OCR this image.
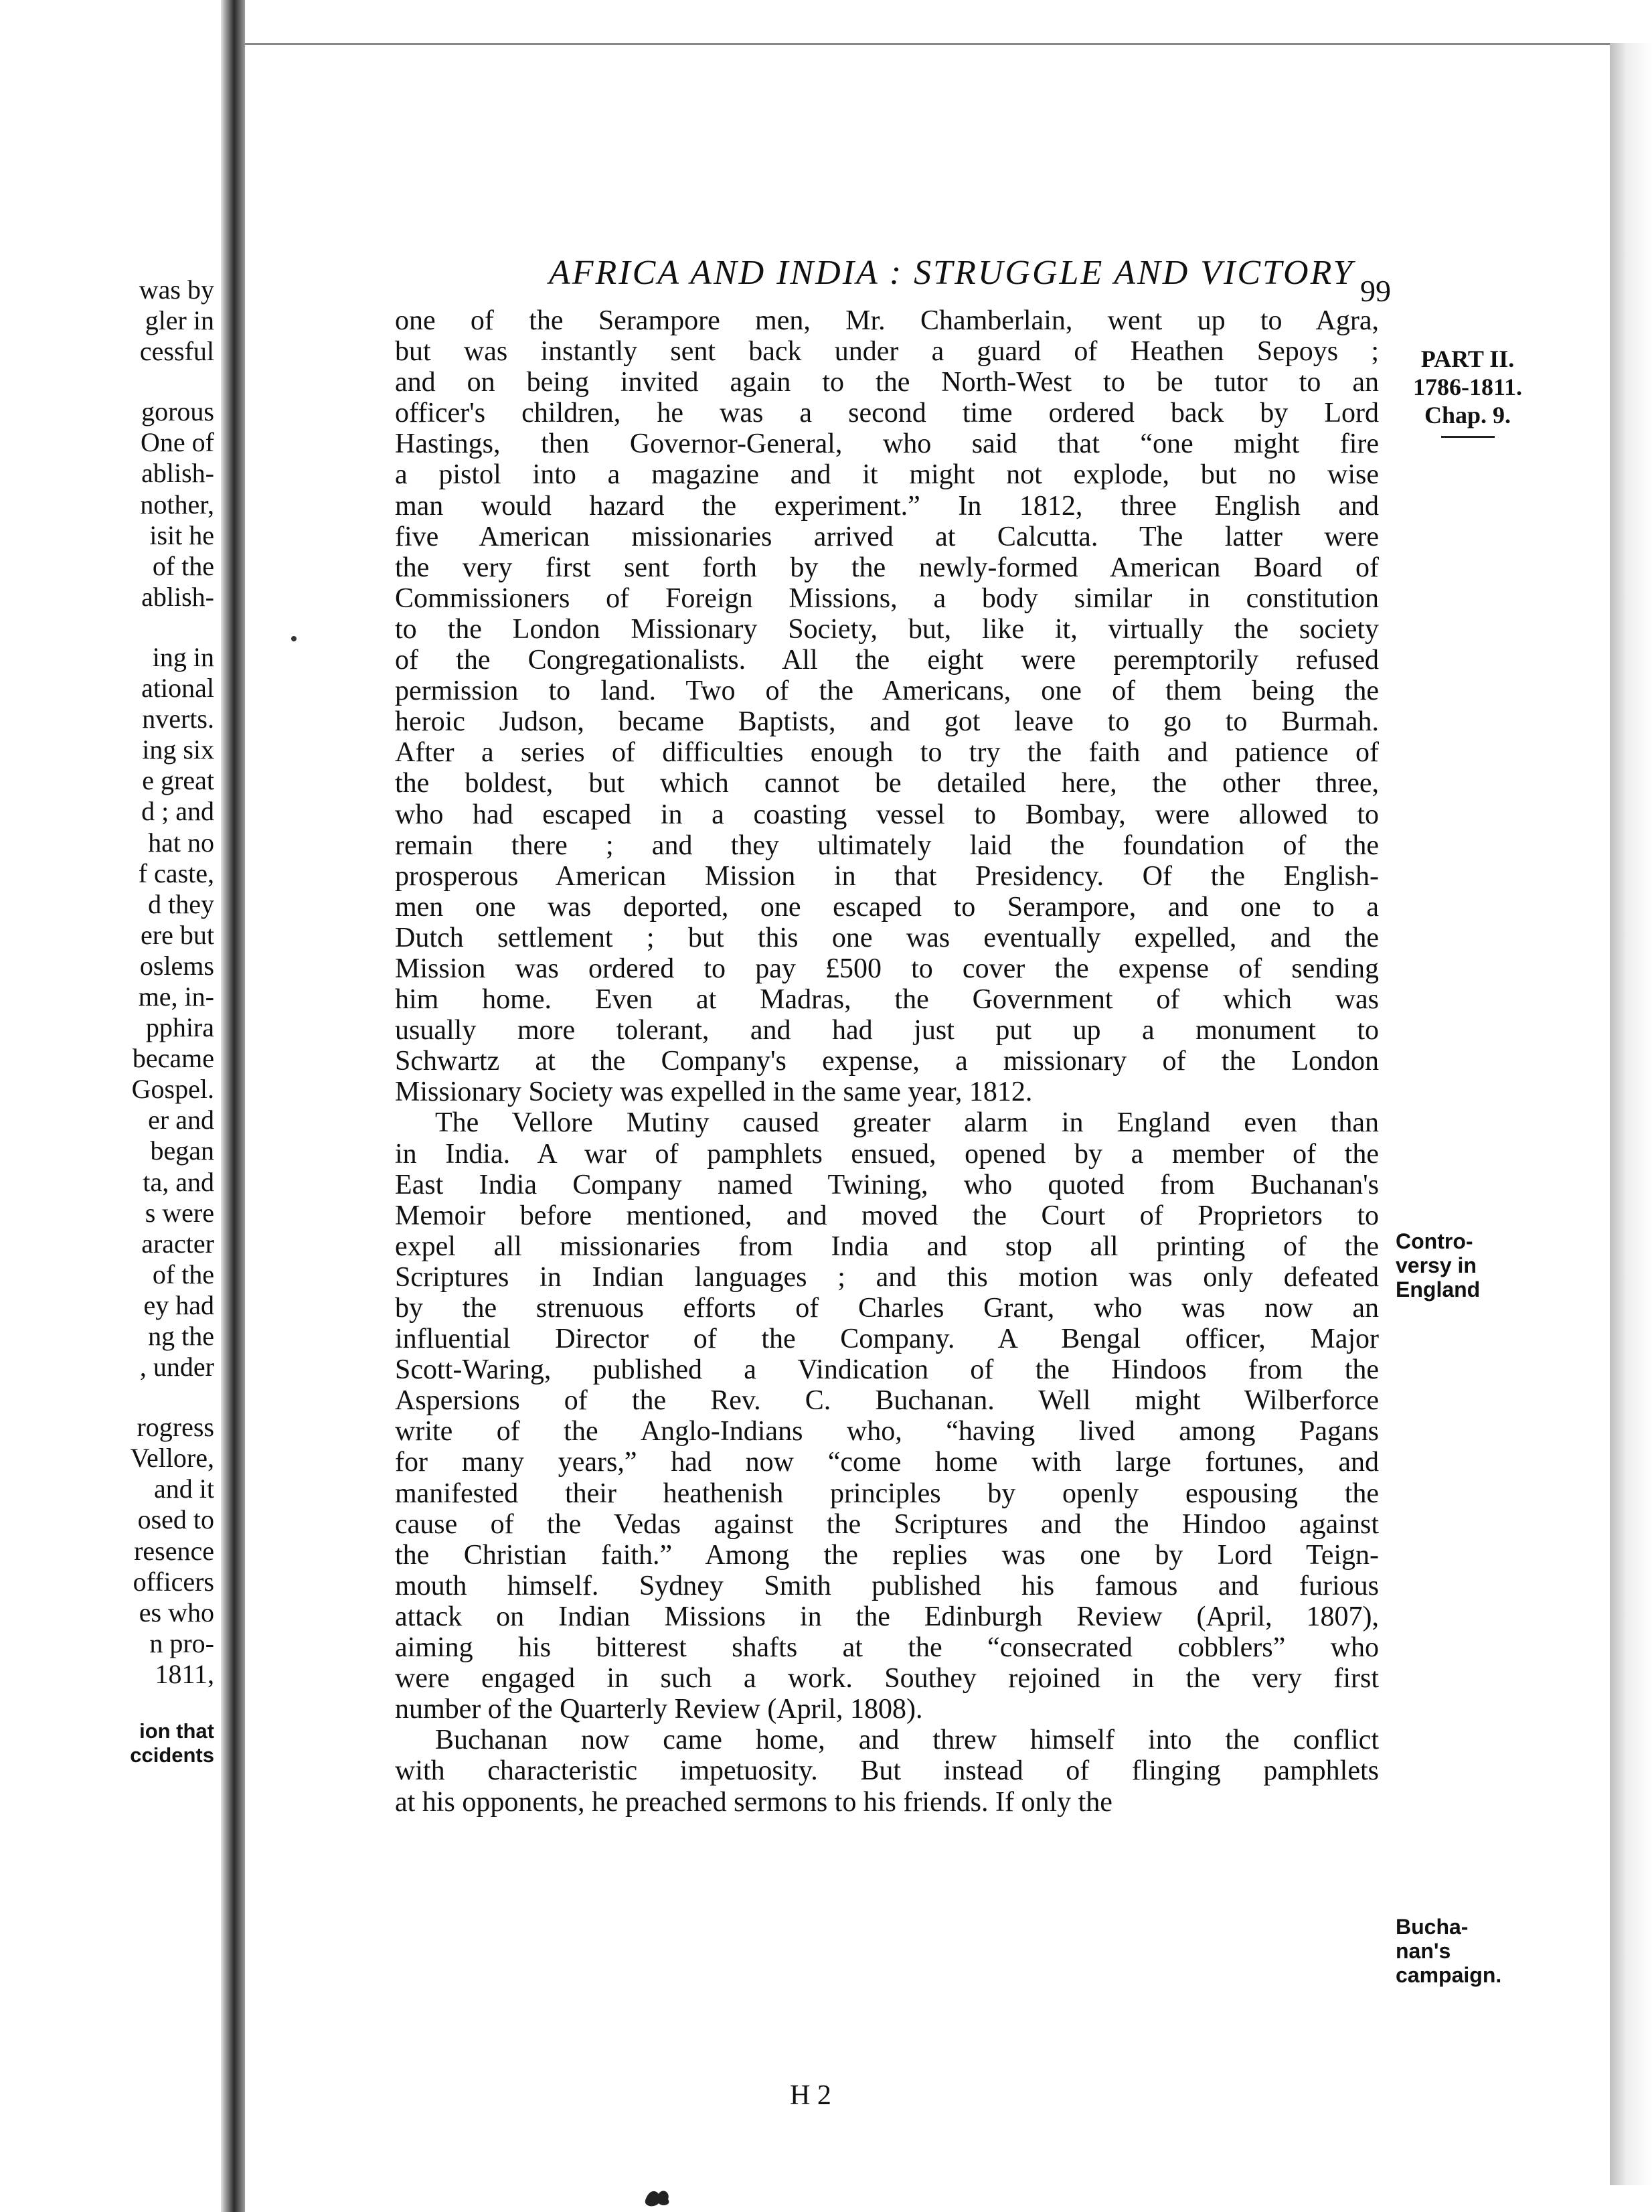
was by
gler in
cessful
gorous
One of
ablish-
nother,
isit he
of the
ablish-
ing in
ational
nverts.
ing six
e great
d ; and
hat no
f caste,
d they
ere but
oslems
me, in-
pphira
became
Gospel.
er and
began
ta, and
s were
aracter
of the
ey had
ng the
, under
rogress
Vellore,
and it
osed to
resence
officers
es who
n pro-
1811,
ion that
ccidents
AFRICA AND INDIA : STRUGGLE AND VICTORY 99
PART II.
1786-1811.
Chap. 9.
Contro-
versy in
England
Bucha-
nan's
campaign.
one of the Serampore men, Mr. Chamberlain, went up to Agra,
but was instantly sent back under a guard of Heathen Sepoys ;
and on being invited again to the North-West to be tutor to an
officer's children, he was a second time ordered back by Lord
Hastings, then Governor-General, who said that “one might fire
a pistol into a magazine and it might not explode, but no wise
man would hazard the experiment.” In 1812, three English and
five American missionaries arrived at Calcutta. The latter were
the very first sent forth by the newly-formed American Board of
Commissioners of Foreign Missions, a body similar in constitution
to the London Missionary Society, but, like it, virtually the society
of the Congregationalists. All the eight were peremptorily refused
permission to land. Two of the Americans, one of them being the
heroic Judson, became Baptists, and got leave to go to Burmah.
After a series of difficulties enough to try the faith and patience of
the boldest, but which cannot be detailed here, the other three,
who had escaped in a coasting vessel to Bombay, were allowed to
remain there ; and they ultimately laid the foundation of the
prosperous American Mission in that Presidency. Of the English-
men one was deported, one escaped to Serampore, and one to a
Dutch settlement ; but this one was eventually expelled, and the
Mission was ordered to pay £500 to cover the expense of sending
him home. Even at Madras, the Government of which was
usually more tolerant, and had just put up a monument to
Schwartz at the Company's expense, a missionary of the London
Missionary Society was expelled in the same year, 1812.
The Vellore Mutiny caused greater alarm in England even than
in India. A war of pamphlets ensued, opened by a member of the
East India Company named Twining, who quoted from Buchanan's
Memoir before mentioned, and moved the Court of Proprietors to
expel all missionaries from India and stop all printing of the
Scriptures in Indian languages ; and this motion was only defeated
by the strenuous efforts of Charles Grant, who was now an
influential Director of the Company. A Bengal officer, Major
Scott-Waring, published a Vindication of the Hindoos from the
Aspersions of the Rev. C. Buchanan. Well might Wilberforce
write of the Anglo-Indians who, “having lived among Pagans
for many years,” had now “come home with large fortunes, and
manifested their heathenish principles by openly espousing the
cause of the Vedas against the Scriptures and the Hindoo against
the Christian faith.” Among the replies was one by Lord Teign-
mouth himself. Sydney Smith published his famous and furious
attack on Indian Missions in the Edinburgh Review (April, 1807),
aiming his bitterest shafts at the “consecrated cobblers” who
were engaged in such a work. Southey rejoined in the very first
number of the Quarterly Review (April, 1808).
Buchanan now came home, and threw himself into the conflict
with characteristic impetuosity. But instead of flinging pamphlets
at his opponents, he preached sermons to his friends. If only the
H 2
